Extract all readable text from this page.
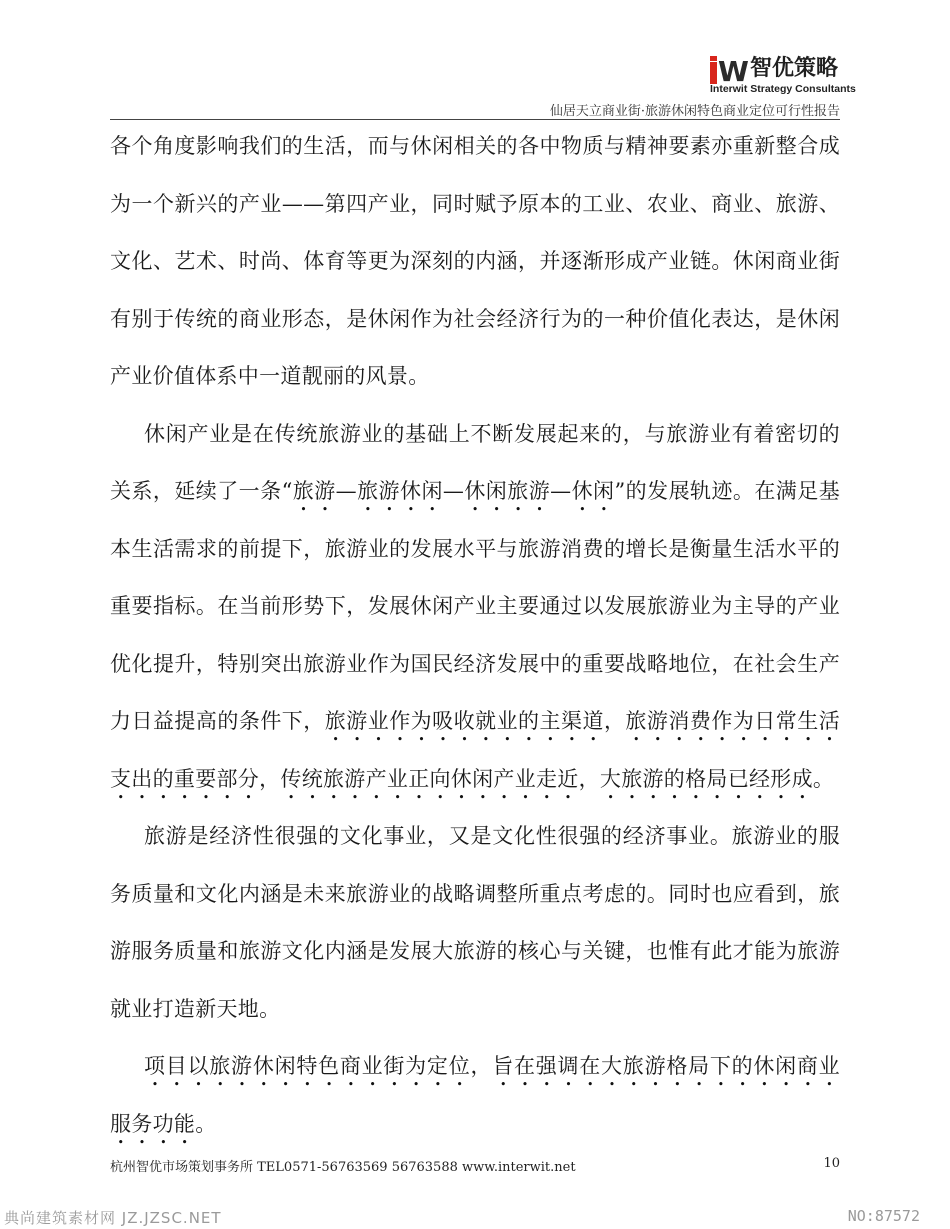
W 智优策略
Interwit Strategy Consultants
仙居天立商业街·旅游休闲特色商业定位可行性报告

各个角度影响我们的生活，而与休闲相关的各中物质与精神要素亦重新整合成为一个新兴的产业——第四产业，同时赋予原本的工业、农业、商业、旅游、文化、艺术、时尚、体育等更为深刻的内涵，并逐渐形成产业链。休闲商业街有别于传统的商业形态，是休闲作为社会经济行为的一种价值化表达，是休闲产业价值体系中一道靓丽的风景。

休闲产业是在传统旅游业的基础上不断发展起来的，与旅游业有着密切的关系，延续了一条“旅游—旅游休闲—休闲旅游—休闲”的发展轨迹。在满足基本生活需求的前提下，旅游业的发展水平与旅游消费的增长是衡量生活水平的重要指标。在当前形势下，发展休闲产业主要通过以发展旅游业为主导的产业优化提升，特别突出旅游业作为国民经济发展中的重要战略地位，在社会生产力日益提高的条件下，旅游业作为吸收就业的主渠道，旅游消费作为日常生活支出的重要部分，传统旅游产业正向休闲产业走近，大旅游的格局已经形成。

旅游是经济性很强的文化事业，又是文化性很强的经济事业。旅游业的服务质量和文化内涵是未来旅游业的战略调整所重点考虑的。同时也应看到，旅游服务质量和旅游文化内涵是发展大旅游的核心与关键，也惟有此才能为旅游就业打造新天地。

项目以旅游休闲特色商业街为定位，旨在强调在大旅游格局下的休闲商业服务功能。

杭州智优市场策划事务所 TEL0571-56763569 56763588 www.interwit.net	10
典尚建筑素材网 JZ.JZSC.NET	NO:87572
